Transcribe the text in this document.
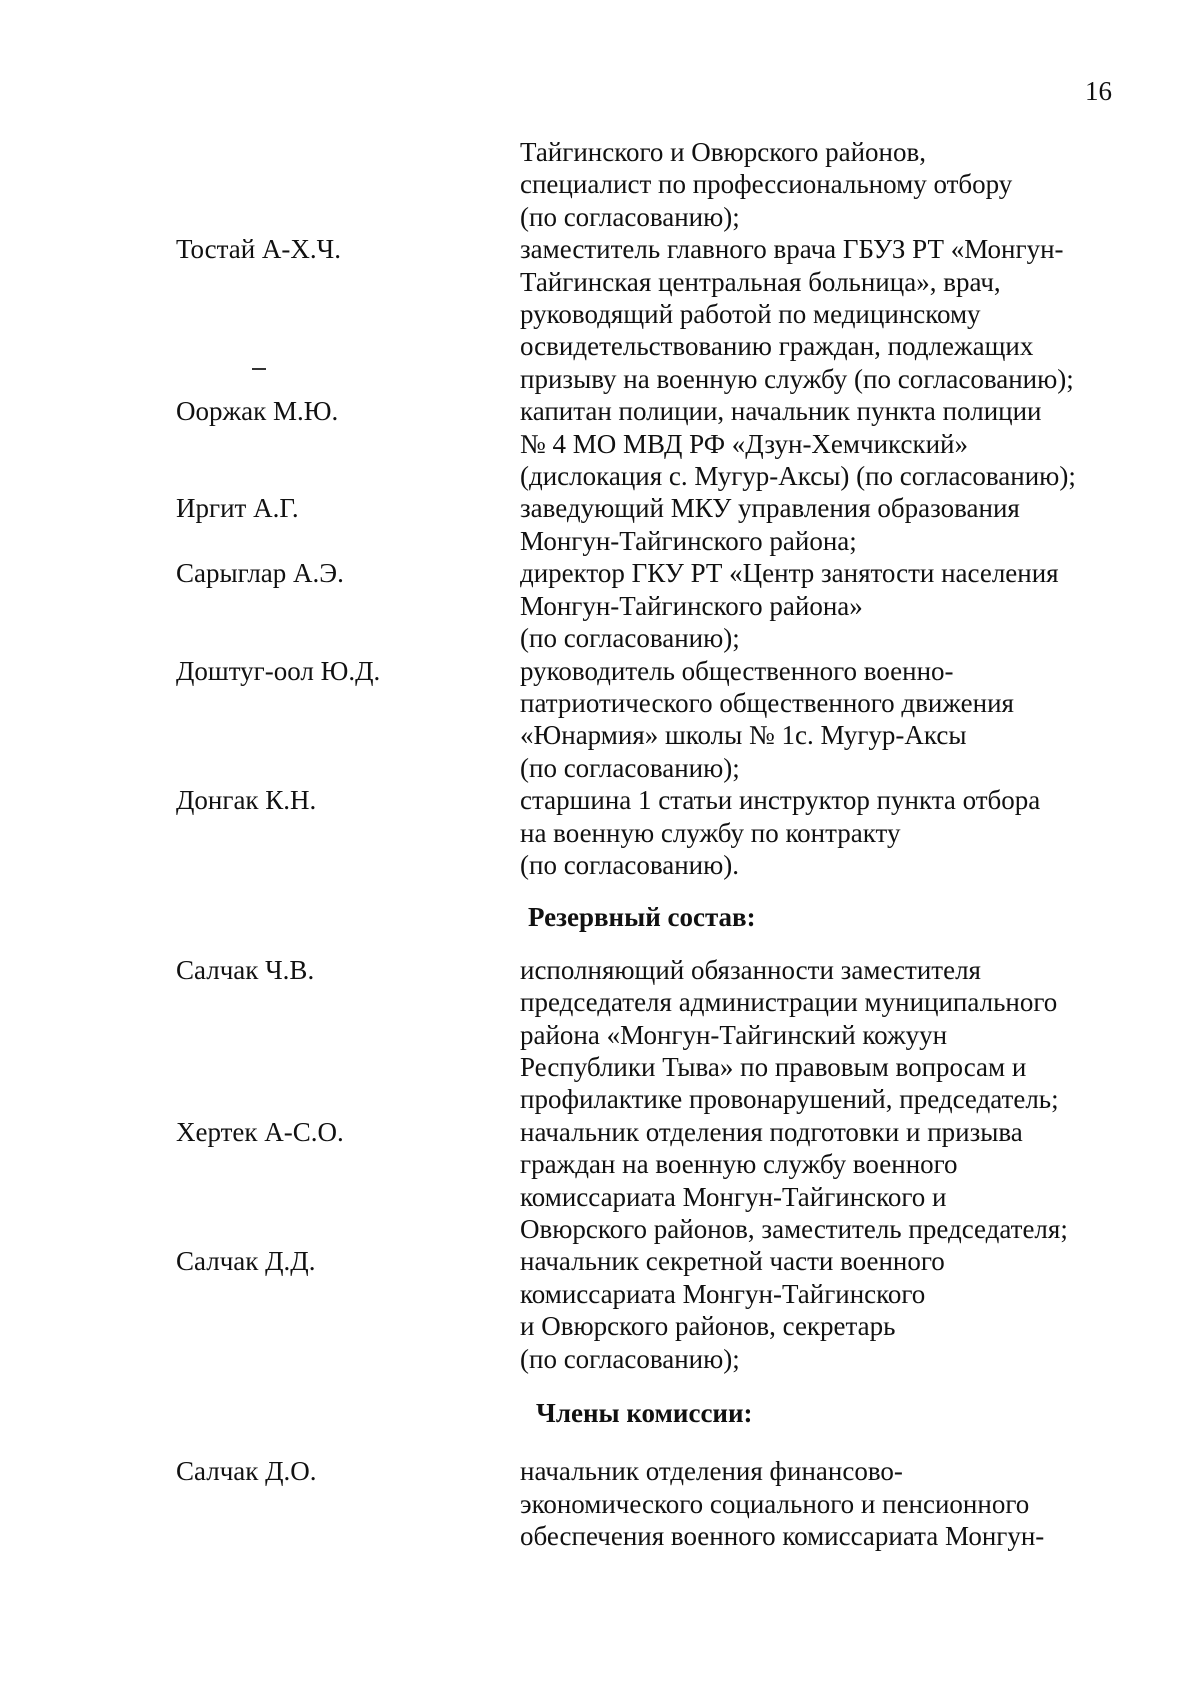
16
Тайгинского и Овюрского районов,
специалист по профессиональному отбору
(по согласованию);
Тостай А-Х.Ч.	заместитель главного врача ГБУЗ РТ «Монгун-
Тайгинская центральная больница», врач,
руководящий работой по медицинскому
освидетельствованию граждан, подлежащих
призыву на военную службу (по согласованию);
Ооржак М.Ю.	капитан полиции, начальник пункта полиции
№ 4 МО МВД РФ «Дзун-Хемчикский»
(дислокация с. Мугур-Аксы) (по согласованию);
Иргит А.Г.	заведующий МКУ управления образования
Монгун-Тайгинского района;
Сарыглар А.Э.	директор ГКУ РТ «Центр занятости населения
Монгун-Тайгинского района»
(по согласованию);
Доштуг-оол Ю.Д.	руководитель общественного военно-
патриотического общественного движения
«Юнармия» школы № 1с. Мугур-Аксы
(по согласованию);
Донгак К.Н.	старшина 1 статьи инструктор пункта отбора
на военную службу по контракту
(по согласованию).
Резервный состав:
Салчак Ч.В.	исполняющий обязанности заместителя
председателя администрации муниципального
района «Монгун-Тайгинский кожуун
Республики Тыва» по правовым вопросам и
профилактике провонарушений, председатель;
Хертек А-С.О.	начальник отделения подготовки и призыва
граждан на военную службу военного
комиссариата Монгун-Тайгинского и
Овюрского районов, заместитель председателя;
Салчак Д.Д.	начальник секретной части военного
комиссариата Монгун-Тайгинского
и Овюрского районов, секретарь
(по согласованию);
Члены комиссии:
Салчак Д.О.	начальник отделения финансово-
экономического социального и пенсионного
обеспечения военного комиссариата Монгун-
